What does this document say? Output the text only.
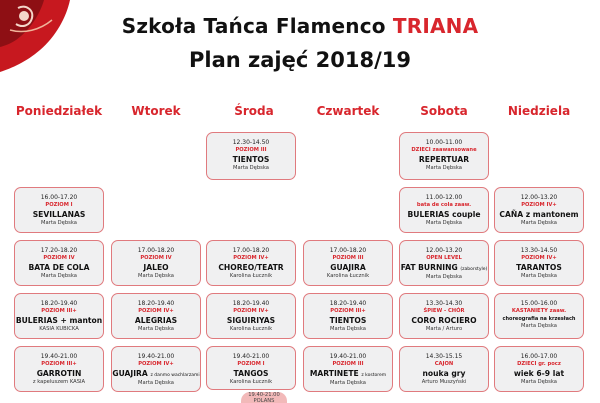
Szkoła Tańca Flamenco TRIANA
Plan zajęć 2018/19
Poniedziałek	Wtorek	Środa	Czwartek	Sobota	Niedziela
12.30-14.50
POZIOM III
TIENTOS
Marta Dębska
10.00-11.00
DZIECI zaawansowane
REPERTUAR
Marta Dębska
16.00-17.20
POZIOM I
SEVILLANAS
Marta Dębska
11.00-12.00
bata de cola zaaw.
BULERIAS couple
Marta Dębska
12.00-13.20
POZIOM IV+
CAÑA z mantonem
Marta Dębska
17.20-18.20
POZIOM IV
BATA DE COLA
Marta Dębska
17.00-18.20
POZIOM IV
JALEO
Marta Dębska
17.00-18.20
POZIOM IV+
CHOREO/TEATR
Karolina Łucznik
17.00-18.20
POZIOM III
GUAJIRA
Karolina Łucznik
12.00-13.20
OPEN LEVEL
FAT BURNING (zaborstyle)
Marta Dębska
13.30-14.50
POZIOM IV+
TARANTOS
Marta Dębska
18.20-19.40
POZIOM III+
BULERIAS + manton
KASIA KUBICKA
18.20-19.40
POZIOM IV+
ALEGRIAS
Marta Dębska
18.20-19.40
POZIOM IV+
SIGUIRIYAS
Karolina Łucznik
18.20-19.40
POZIOM III+
TIENTOS
Marta Dębska
13.30-14.30
ŚPIEW - CHÓR
CORO ROCIERO
Marta / Arturo
15.00-16.00
KASTANIETY zaaw.
choreografia na krzesłach
Marta Dębska
19.40-21.00
POZIOM III+
GARROTIN
z kapeluszem KASIA
19.40-21.00
POZIOM IV+
GUAJIRA z danmo wachlarzami
Marta Dębska
19.40-21.00
POZIOM I
TANGOS
Karolina Łucznik
19.40-21.00
POZIOM III
MARTINETE z kostorem
Marta Dębska
14.30-15.15
CAJON
nouka gry
Arturo Muszyński
16.00-17.00
DZIECI gr. pocz
wiek 6-9 lat
Marta Dębska
19.40-21.00
POLANS
